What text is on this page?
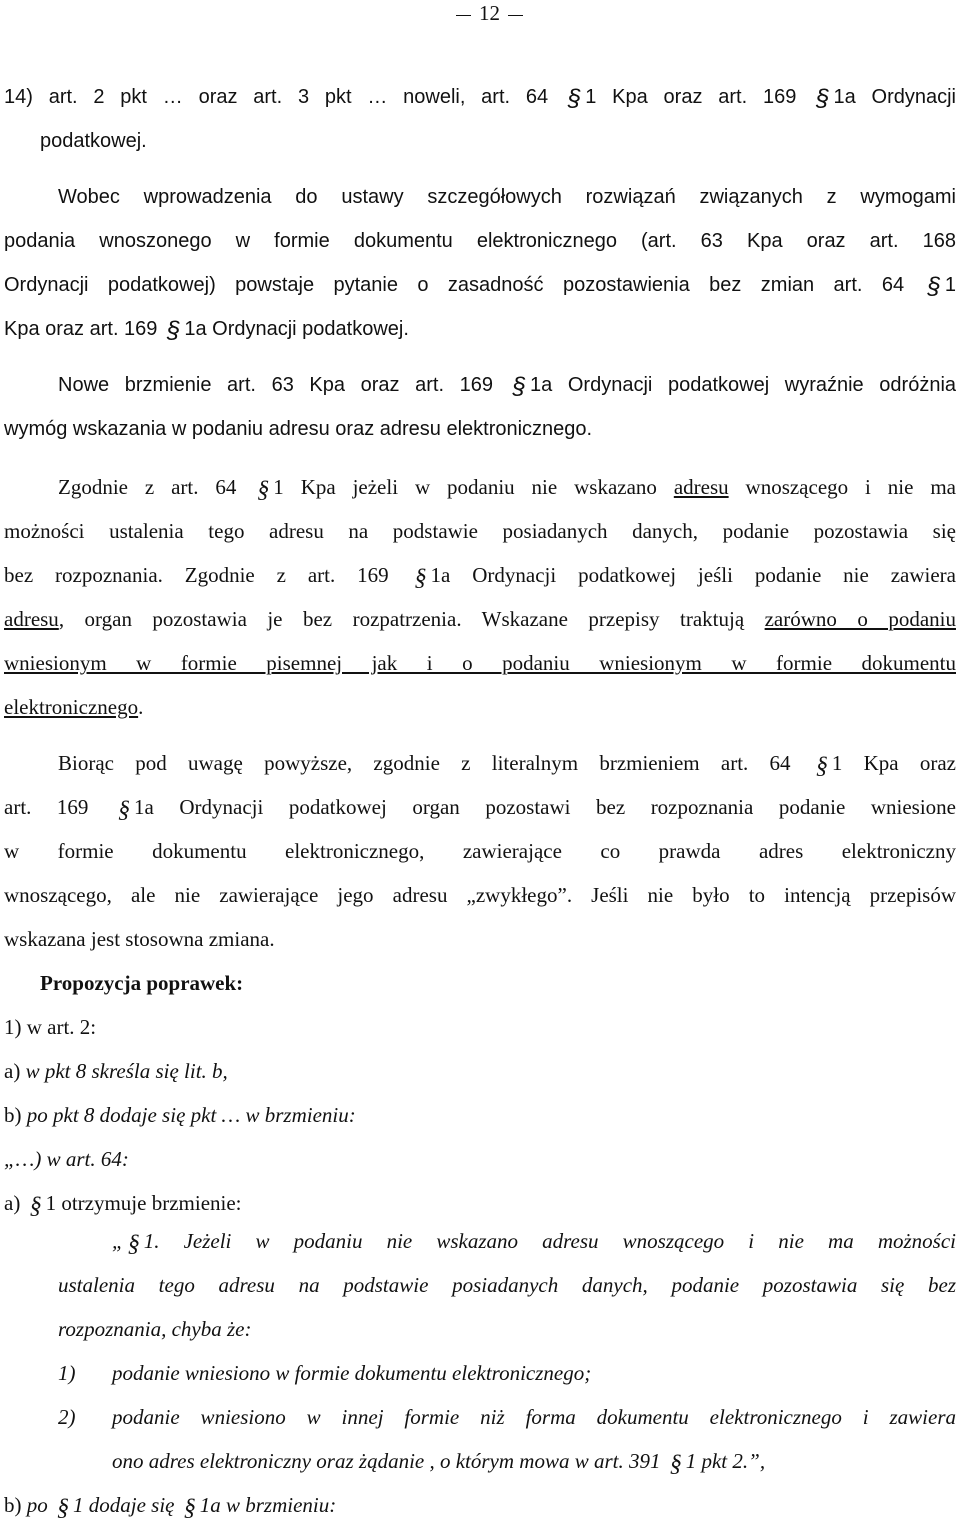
12
14) art. 2 pkt … oraz art. 3 pkt … noweli, art. 64 § 1 Kpa oraz art. 169 § 1a Ordynacji
podatkowej.
Wobec wprowadzenia do ustawy szczegółowych rozwiązań związanych z wymogami
podania wnoszonego w formie dokumentu elektronicznego (art. 63 Kpa oraz art. 168
Ordynacji podatkowej) powstaje pytanie o zasadność pozostawienia bez zmian art. 64 § 1
Kpa oraz art. 169 § 1a Ordynacji podatkowej.
Nowe brzmienie art. 63 Kpa oraz art. 169 § 1a Ordynacji podatkowej wyraźnie odróżnia
wymóg wskazania w podaniu adresu oraz adresu elektronicznego.
Zgodnie z art. 64 § 1 Kpa jeżeli w podaniu nie wskazano adresu wnoszącego i nie ma
możności ustalenia tego adresu na podstawie posiadanych danych, podanie pozostawia się
bez rozpoznania. Zgodnie z art. 169 § 1a Ordynacji podatkowej jeśli podanie nie zawiera
adresu, organ pozostawia je bez rozpatrzenia. Wskazane przepisy traktują zarówno o podaniu
wniesionym w formie pisemnej jak i o podaniu wniesionym w formie dokumentu
elektronicznego.
Biorąc pod uwagę powyższe, zgodnie z literalnym brzmieniem art. 64 § 1 Kpa oraz
art. 169 § 1a Ordynacji podatkowej organ pozostawi bez rozpoznania podanie wniesione
w formie dokumentu elektronicznego, zawierające co prawda adres elektroniczny
wnoszącego, ale nie zawierające jego adresu „zwykłego”. Jeśli nie było to intencją przepisów
wskazana jest stosowna zmiana.
Propozycja poprawek:
1) w art. 2:
a) w pkt 8 skreśla się lit. b,
b) po pkt 8 dodaje się pkt … w brzmieniu:
„…) w art. 64:
a) § 1 otrzymuje brzmienie:
„ § 1. Jeżeli w podaniu nie wskazano adresu wnoszącego i nie ma możności
ustalenia tego adresu na podstawie posiadanych danych, podanie pozostawia się bez
rozpoznania, chyba że:
1) podanie wniesiono w formie dokumentu elektronicznego;
2) podanie wniesiono w innej formie niż forma dokumentu elektronicznego i zawiera
ono adres elektroniczny oraz żądanie , o którym mowa w art. 391 § 1 pkt 2.”,
b) po § 1 dodaje się § 1a w brzmieniu:
